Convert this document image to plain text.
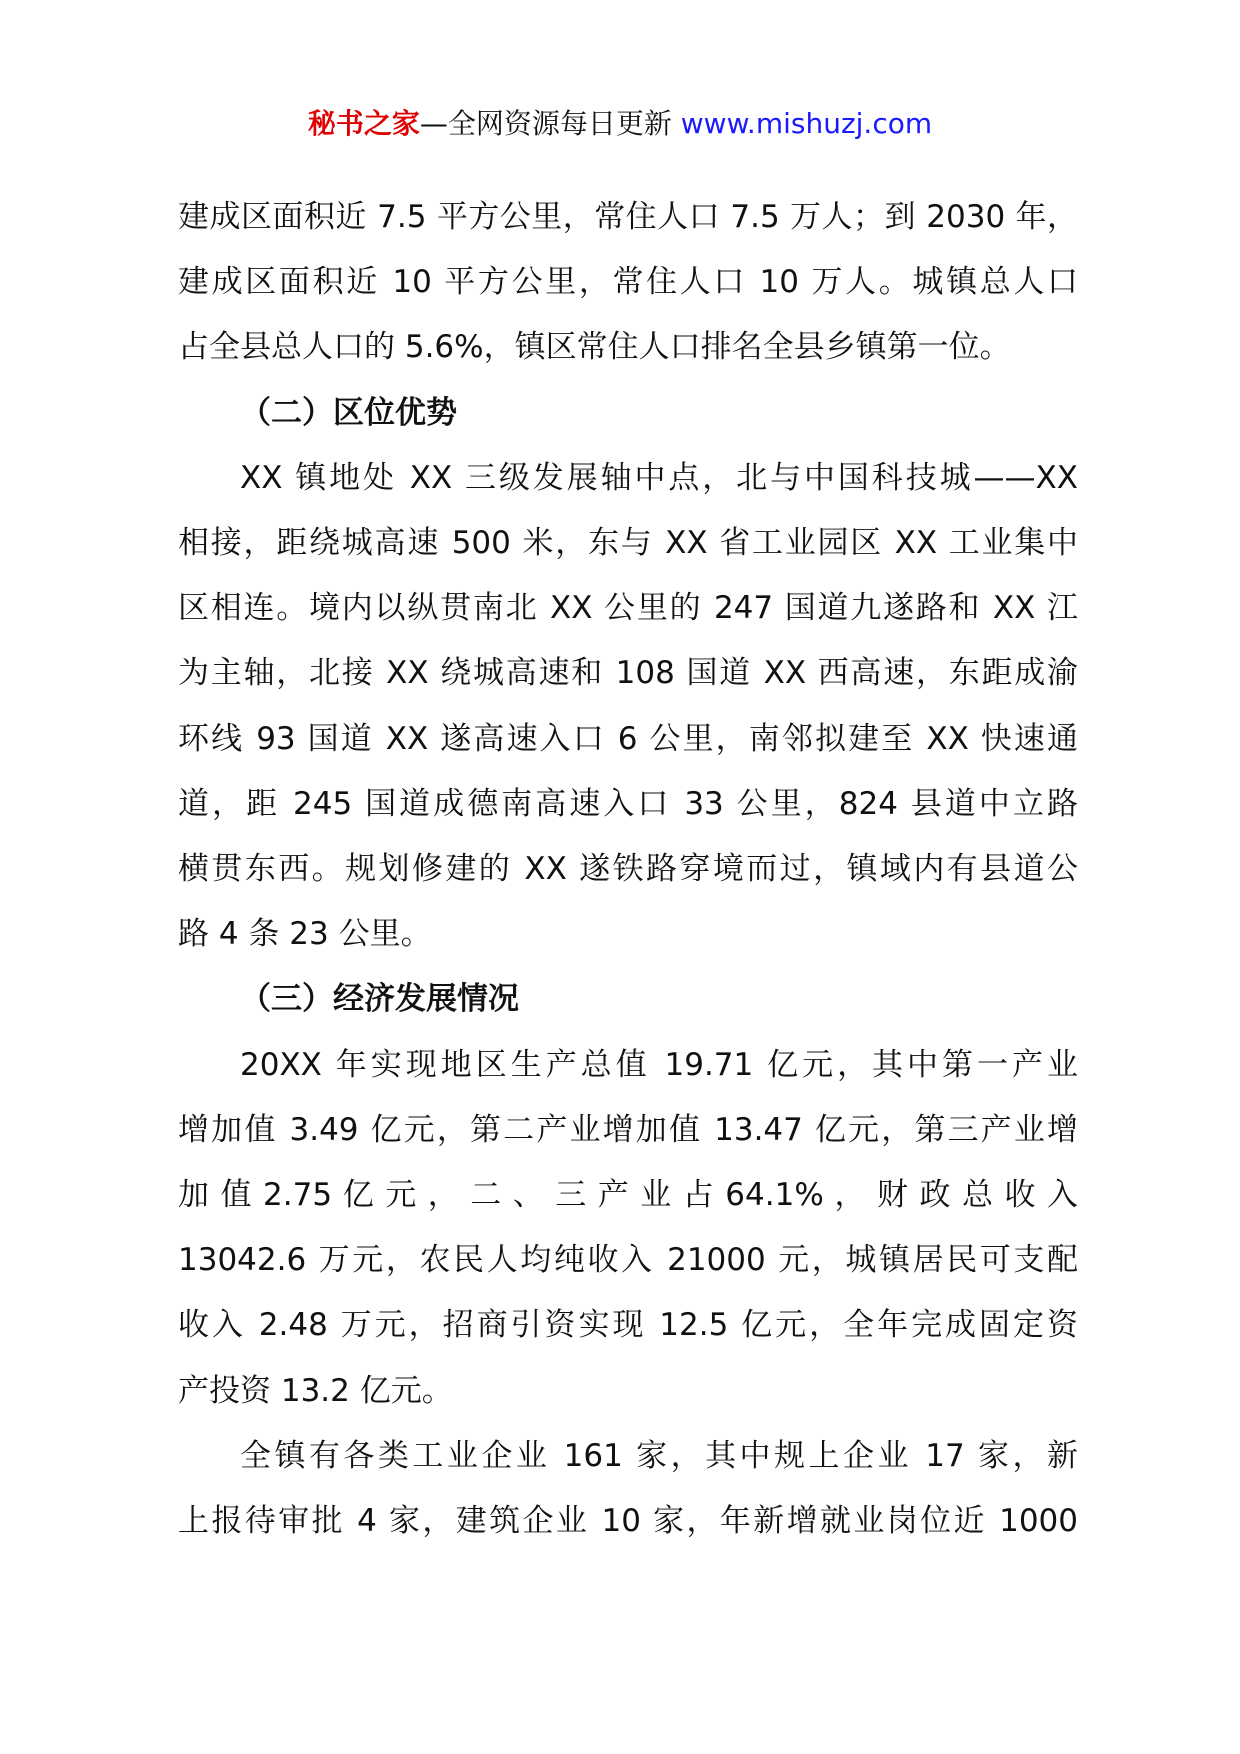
秘书之家—全网资源每日更新 www.mishuzj.com

建成区面积近 7.5 平方公里，常住人口 7.5 万人；到 2030 年，
建成区面积近 10 平方公里，常住人口 10 万人。城镇总人口
占全县总人口的 5.6%，镇区常住人口排名全县乡镇第一位。

（二）区位优势

XX 镇地处 XX 三级发展轴中点，北与中国科技城——XX
相接，距绕城高速 500 米，东与 XX 省工业园区 XX 工业集中
区相连。境内以纵贯南北 XX 公里的 247 国道九遂路和 XX 江
为主轴，北接 XX 绕城高速和 108 国道 XX 西高速，东距成渝
环线 93 国道 XX 遂高速入口 6 公里，南邻拟建至 XX 快速通
道，距 245 国道成德南高速入口 33 公里，824 县道中立路
横贯东西。规划修建的 XX 遂铁路穿境而过，镇域内有县道公
路 4 条 23 公里。

（三）经济发展情况

20XX 年实现地区生产总值 19.71 亿元，其中第一产业
增加值 3.49 亿元，第二产业增加值 13.47 亿元，第三产业增
加 值 2.75 亿 元 ， 二 、 三 产 业 占 64.1% ， 财 政 总 收 入
13042.6 万元，农民人均纯收入 21000 元，城镇居民可支配
收入 2.48 万元，招商引资实现 12.5 亿元，全年完成固定资
产投资 13.2 亿元。

全镇有各类工业企业 161 家，其中规上企业 17 家，新
上报待审批 4 家，建筑企业 10 家，年新增就业岗位近 1000
